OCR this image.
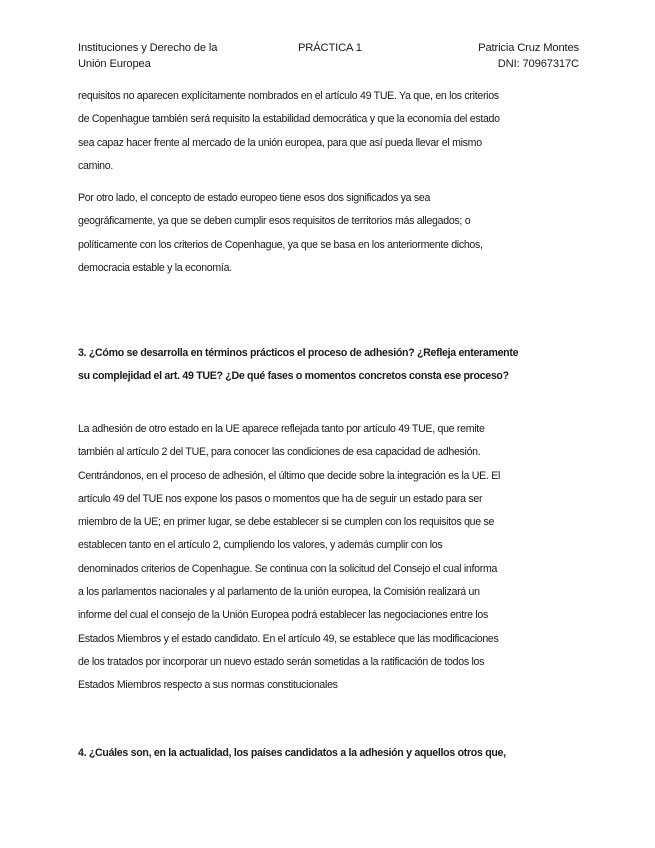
Instituciones y Derecho de la
Unión Europea
PRÁCTICA 1	Patricia Cruz Montes
DNI: 70967317C
requisitos no aparecen explícitamente nombrados en el artículo 49 TUE. Ya que, en los criterios
de Copenhague también será requisito la estabilidad democrática y que la economía del estado
sea capaz hacer frente al mercado de la unión europea, para que así pueda llevar el mismo
camino.
Por otro lado, el concepto de estado europeo tiene esos dos significados ya sea
geográficamente, ya que se deben cumplir esos requisitos de territorios más allegados; o
políticamente con los criterios de Copenhague, ya que se basa en los anteriormente dichos,
democracia estable y la economía.
3. ¿Cómo se desarrolla en términos prácticos el proceso de adhesión? ¿Refleja enteramente
su complejidad el art. 49 TUE? ¿De qué fases o momentos concretos consta ese proceso?
La adhesión de otro estado en la UE aparece reflejada tanto por artículo 49 TUE, que remite
también al artículo 2 del TUE, para conocer las condiciones de esa capacidad de adhesión.
Centrándonos, en el proceso de adhesión, el último que decide sobre la integración es la UE. El
artículo 49 del TUE nos expone los pasos o momentos que ha de seguir un estado para ser
miembro de la UE; en primer lugar, se debe establecer si se cumplen con los requisitos que se
establecen tanto en el artículo 2, cumpliendo los valores, y además cumplir con los
denominados criterios de Copenhague. Se continua con la solicitud del Consejo el cual informa
a los parlamentos nacionales y al parlamento de la unión europea, la Comisión realizará un
informe del cual el consejo de la Unión Europea podrá establecer las negociaciones entre los
Estados Miembros y el estado candidato. En el artículo 49, se establece que las modificaciones
de los tratados por incorporar un nuevo estado serán sometidas a la ratificación de todos los
Estados Miembros respecto a sus normas constitucionales
4. ¿Cuáles son, en la actualidad, los países candidatos a la adhesión y aquellos otros que,
